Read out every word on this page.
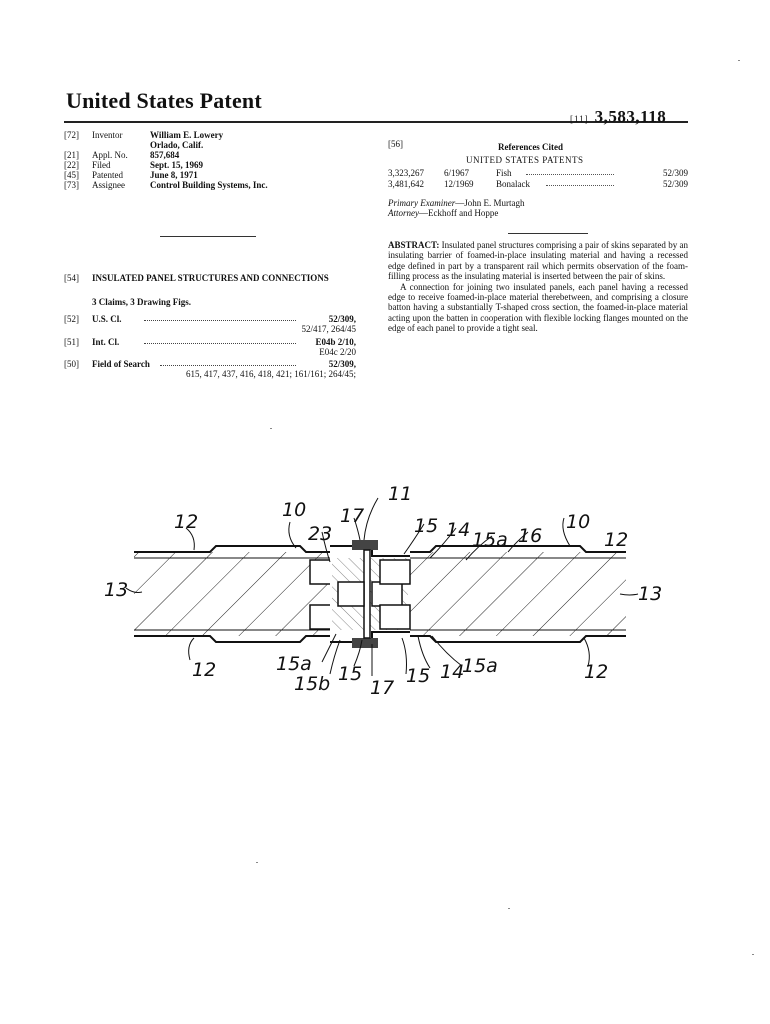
United States Patent
[11] 3,583,118
[72]	Inventor	William E. Lowery
Orlado, Calif.
[21]	Appl. No.	857,684
[22]	Filed	Sept. 15, 1969
[45]	Patented	June 8, 1971
[73]	Assignee	Control Building Systems, Inc.
[54] INSULATED PANEL STRUCTURES AND CONNECTIONS
3 Claims, 3 Drawing Figs.
[52] U.S. Cl.	52/309,
52/417, 264/45
[51] Int. Cl.	E04b 2/10,
E04c 2/20
[50] Field of Search	52/309,
615, 417, 437, 416, 418, 421; 161/161; 264/45;
[56]	References Cited
UNITED STATES PATENTS
3,323,267 6/1967	Fish	52/309
3,481,642 12/1969 Bonalack	52/309
Primary Examiner—John E. Murtagh
Attorney—Eckhoff and Hoppe

ABSTRACT: Insulated panel structures comprising a pair of skins separated by an insulating barrier of foamed-in-place insulating material and having a recessed edge defined in part by a transparent rail which permits observation of the foam-filling process as the insulating material is inserted between the pair of skins.

A connection for joining two insulated panels, each panel having a recessed edge to receive foamed-in-place material therebetween, and comprising a closure batton having a substantially T-shaped cross section, the foamed-in-place material acting upon the batten in cooperation with flexible locking flanges mounted on the edge of each panel to provide a tight seal.

11
10
10
12
12
12	12
13	13
17
17
23	15
15 15
14
14
15a
15a	15a
16
15b
